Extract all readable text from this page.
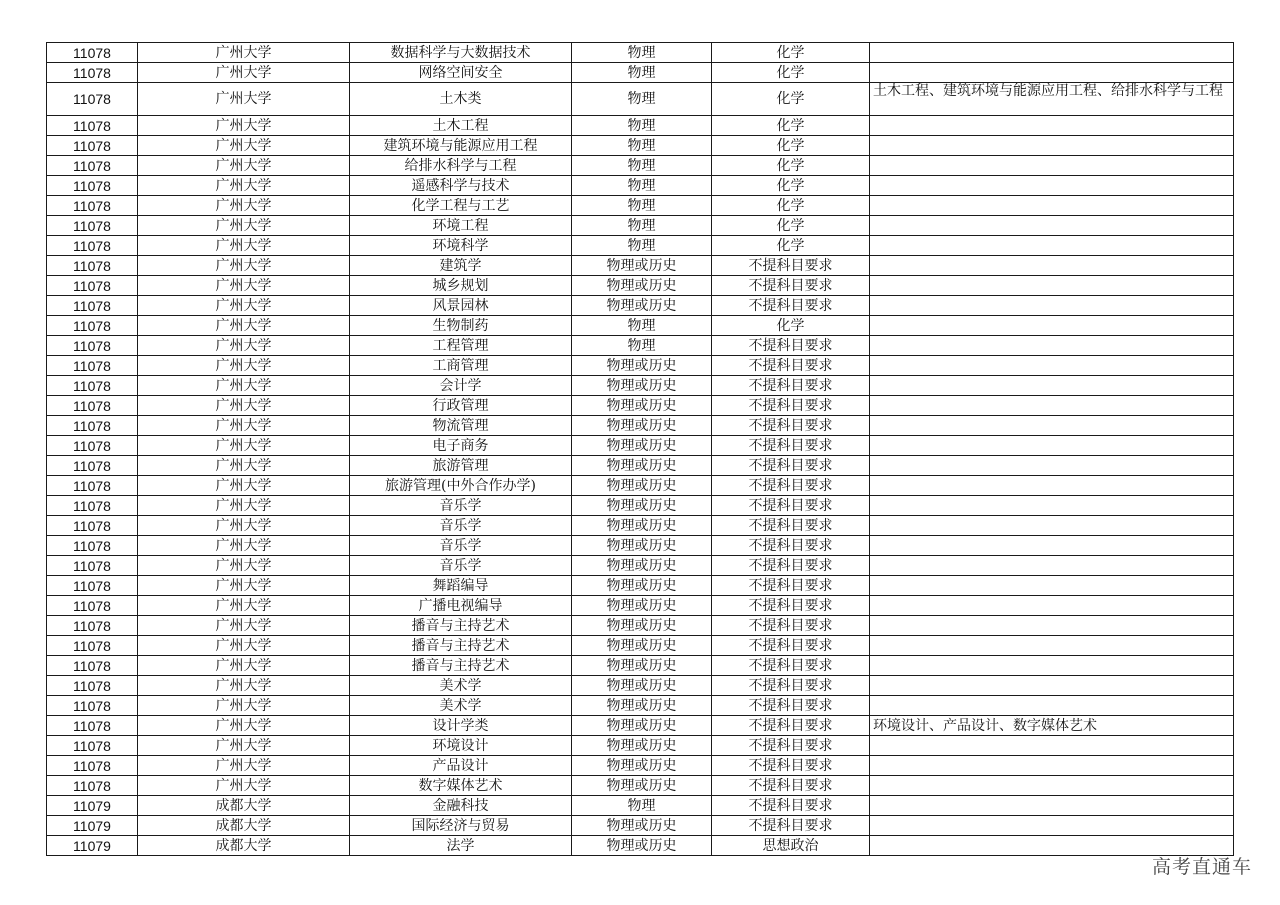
11078	广州大学	数据科学与大数据技术	物理	化学	
11078	广州大学	网络空间安全	物理	化学	
11078	广州大学	土木类	物理	化学	土木工程、建筑环境与能源应用工程、给排水科学与工程
11078	广州大学	土木工程	物理	化学	
11078	广州大学	建筑环境与能源应用工程	物理	化学	
11078	广州大学	给排水科学与工程	物理	化学	
11078	广州大学	遥感科学与技术	物理	化学	
11078	广州大学	化学工程与工艺	物理	化学	
11078	广州大学	环境工程	物理	化学	
11078	广州大学	环境科学	物理	化学	
11078	广州大学	建筑学	物理或历史	不提科目要求	
11078	广州大学	城乡规划	物理或历史	不提科目要求	
11078	广州大学	风景园林	物理或历史	不提科目要求	
11078	广州大学	生物制药	物理	化学	
11078	广州大学	工程管理	物理	不提科目要求	
11078	广州大学	工商管理	物理或历史	不提科目要求	
11078	广州大学	会计学	物理或历史	不提科目要求	
11078	广州大学	行政管理	物理或历史	不提科目要求	
11078	广州大学	物流管理	物理或历史	不提科目要求	
11078	广州大学	电子商务	物理或历史	不提科目要求	
11078	广州大学	旅游管理	物理或历史	不提科目要求	
11078	广州大学	旅游管理(中外合作办学)	物理或历史	不提科目要求	
11078	广州大学	音乐学	物理或历史	不提科目要求	
11078	广州大学	音乐学	物理或历史	不提科目要求	
11078	广州大学	音乐学	物理或历史	不提科目要求	
11078	广州大学	音乐学	物理或历史	不提科目要求	
11078	广州大学	舞蹈编导	物理或历史	不提科目要求	
11078	广州大学	广播电视编导	物理或历史	不提科目要求	
11078	广州大学	播音与主持艺术	物理或历史	不提科目要求	
11078	广州大学	播音与主持艺术	物理或历史	不提科目要求	
11078	广州大学	播音与主持艺术	物理或历史	不提科目要求	
11078	广州大学	美术学	物理或历史	不提科目要求	
11078	广州大学	美术学	物理或历史	不提科目要求	
11078	广州大学	设计学类	物理或历史	不提科目要求	环境设计、产品设计、数字媒体艺术
11078	广州大学	环境设计	物理或历史	不提科目要求	
11078	广州大学	产品设计	物理或历史	不提科目要求	
11078	广州大学	数字媒体艺术	物理或历史	不提科目要求	
11079	成都大学	金融科技	物理	不提科目要求	
11079	成都大学	国际经济与贸易	物理或历史	不提科目要求	
11079	成都大学	法学	物理或历史	思想政治	
高考直通车
